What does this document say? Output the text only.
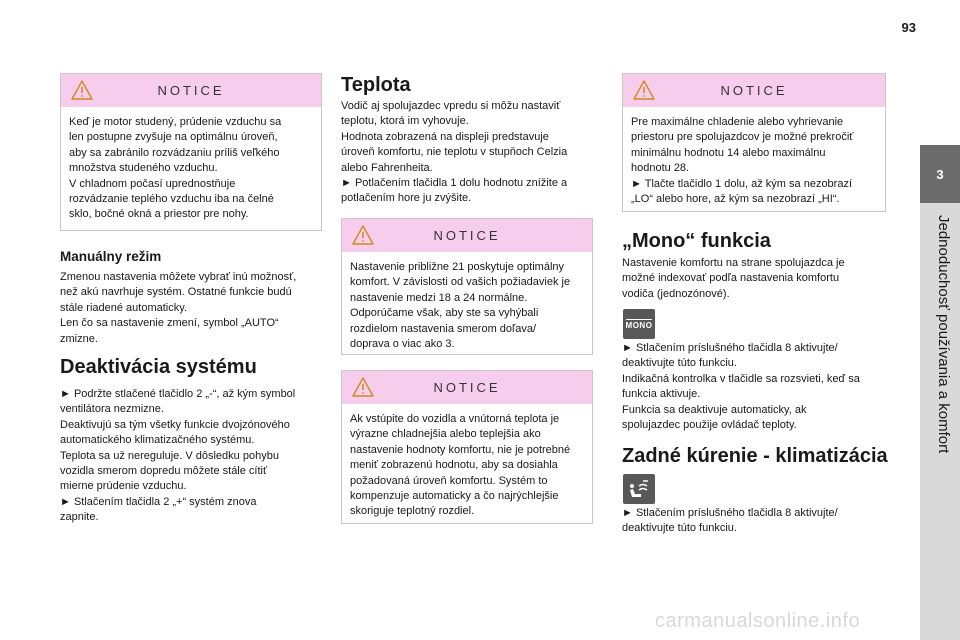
93
3
Jednoduchosť používania a komfort
NOTICE
Keď je motor studený, prúdenie vzduchu sa
len postupne zvyšuje na optimálnu úroveň,
aby sa zabránilo rozvádzaniu príliš veľkého
množstva studeného vzduchu.
V chladnom počasí uprednostňuje
rozvádzanie teplého vzduchu iba na čelné
sklo, bočné okná a priestor pre nohy.
Manuálny režim
Zmenou nastavenia môžete vybrať inú možnosť,
než akú navrhuje systém. Ostatné funkcie budú
stále riadené automaticky.
Len čo sa nastavenie zmení, symbol „AUTO“
zmizne.
Deaktivácia systému
► Podržte stlačené tlačidlo 2 „-“, až kým symbol
ventilátora nezmizne.
Deaktivujú sa tým všetky funkcie dvojzónového
automatického klimatizačného systému.
Teplota sa už nereguluje. V dôsledku pohybu
vozidla smerom dopredu môžete stále cítiť
mierne prúdenie vzduchu.
► Stlačením tlačidla 2 „+“ systém znova
zapnite.
Teplota
Vodič aj spolujazdec vpredu si môžu nastaviť
teplotu, ktorá im vyhovuje.
Hodnota zobrazená na displeji predstavuje
úroveň komfortu, nie teplotu v stupňoch Celzia
alebo Fahrenheita.
► Potlačením tlačidla 1 dolu hodnotu znížite a
potlačením hore ju zvýšite.
NOTICE
Nastavenie približne 21 poskytuje optimálny
komfort. V závislosti od vašich požiadaviek je
nastavenie medzi 18 a 24 normálne.
Odporúčame však, aby ste sa vyhýbali
rozdielom nastavenia smerom doľava/
doprava o viac ako 3.
NOTICE
Ak vstúpite do vozidla a vnútorná teplota je
výrazne chladnejšia alebo teplejšia ako
nastavenie hodnoty komfortu, nie je potrebné
meniť zobrazenú hodnotu, aby sa dosiahla
požadovaná úroveň komfortu. Systém to
kompenzuje automaticky a čo najrýchlejšie
skoriguje teplotný rozdiel.
NOTICE
Pre maximálne chladenie alebo vyhrievanie
priestoru pre spolujazdcov je možné prekročiť
minimálnu hodnotu 14 alebo maximálnu
hodnotu 28.
► Tlačte tlačidlo 1 dolu, až kým sa nezobrazí
„LO“ alebo hore, až kým sa nezobrazí „HI“.
„Mono“ funkcia
Nastavenie komfortu na strane spolujazdca je
možné indexovať podľa nastavenia komfortu
vodiča (jednozónové).
MONO
► Stlačením príslušného tlačidla 8 aktivujte/
deaktivujte túto funkciu.
Indikačná kontrolka v tlačidle sa rozsvieti, keď sa
funkcia aktivuje.
Funkcia sa deaktivuje automaticky, ak
spolujazdec použije ovládač teploty.
Zadné kúrenie - klimatizácia
► Stlačením príslušného tlačidla 8 aktivujte/
deaktivujte túto funkciu.
carmanualsonline.info
